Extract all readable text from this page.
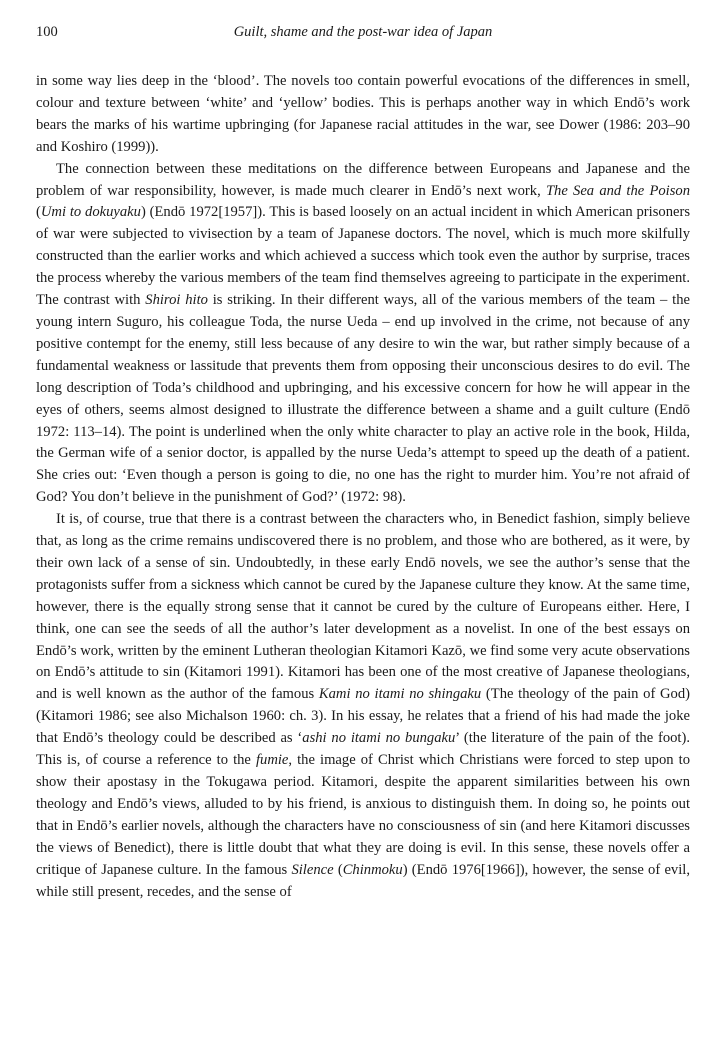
100	Guilt, shame and the post-war idea of Japan

in some way lies deep in the ‘blood’. The novels too contain powerful evocations of the differences in smell, colour and texture between ‘white’ and ‘yellow’ bodies. This is perhaps another way in which Endō’s work bears the marks of his wartime upbringing (for Japanese racial attitudes in the war, see Dower (1986: 203–90 and Koshiro (1999)).

The connection between these meditations on the difference between Europeans and Japanese and the problem of war responsibility, however, is made much clearer in Endō’s next work, The Sea and the Poison (Umi to dokuyaku) (Endō 1972[1957]). This is based loosely on an actual incident in which American prisoners of war were subjected to vivisection by a team of Japanese doctors. The novel, which is much more skilfully constructed than the earlier works and which achieved a success which took even the author by surprise, traces the process whereby the various members of the team find themselves agreeing to participate in the experiment. The contrast with Shiroi hito is striking. In their different ways, all of the various members of the team – the young intern Suguro, his colleague Toda, the nurse Ueda – end up involved in the crime, not because of any positive contempt for the enemy, still less because of any desire to win the war, but rather simply because of a fundamental weakness or lassitude that prevents them from opposing their unconscious desires to do evil. The long description of Toda’s childhood and upbringing, and his excessive concern for how he will appear in the eyes of others, seems almost designed to illustrate the difference between a shame and a guilt culture (Endō 1972: 113–14). The point is underlined when the only white character to play an active role in the book, Hilda, the German wife of a senior doctor, is appalled by the nurse Ueda’s attempt to speed up the death of a patient. She cries out: ‘Even though a person is going to die, no one has the right to murder him. You’re not afraid of God? You don’t believe in the punishment of God?’ (1972: 98).

It is, of course, true that there is a contrast between the characters who, in Benedict fashion, simply believe that, as long as the crime remains undiscovered there is no problem, and those who are bothered, as it were, by their own lack of a sense of sin. Undoubtedly, in these early Endō novels, we see the author’s sense that the protagonists suffer from a sickness which cannot be cured by the Japanese culture they know. At the same time, however, there is the equally strong sense that it cannot be cured by the culture of Europeans either. Here, I think, one can see the seeds of all the author’s later development as a novelist. In one of the best essays on Endō’s work, written by the eminent Lutheran theologian Kitamori Kazō, we find some very acute observations on Endō’s attitude to sin (Kitamori 1991). Kitamori has been one of the most creative of Japanese theologians, and is well known as the author of the famous Kami no itami no shingaku (The theology of the pain of God) (Kitamori 1986; see also Michalson 1960: ch. 3). In his essay, he relates that a friend of his had made the joke that Endō’s theology could be described as ‘ashi no itami no bungaku’ (the literature of the pain of the foot). This is, of course a reference to the fumie, the image of Christ which Christians were forced to step upon to show their apostasy in the Tokugawa period. Kitamori, despite the apparent similarities between his own theology and Endō’s views, alluded to by his friend, is anxious to distinguish them. In doing so, he points out that in Endō’s earlier novels, although the characters have no consciousness of sin (and here Kitamori discusses the views of Benedict), there is little doubt that what they are doing is evil. In this sense, these novels offer a critique of Japanese culture. In the famous Silence (Chinmoku) (Endō 1976[1966]), however, the sense of evil, while still present, recedes, and the sense of
